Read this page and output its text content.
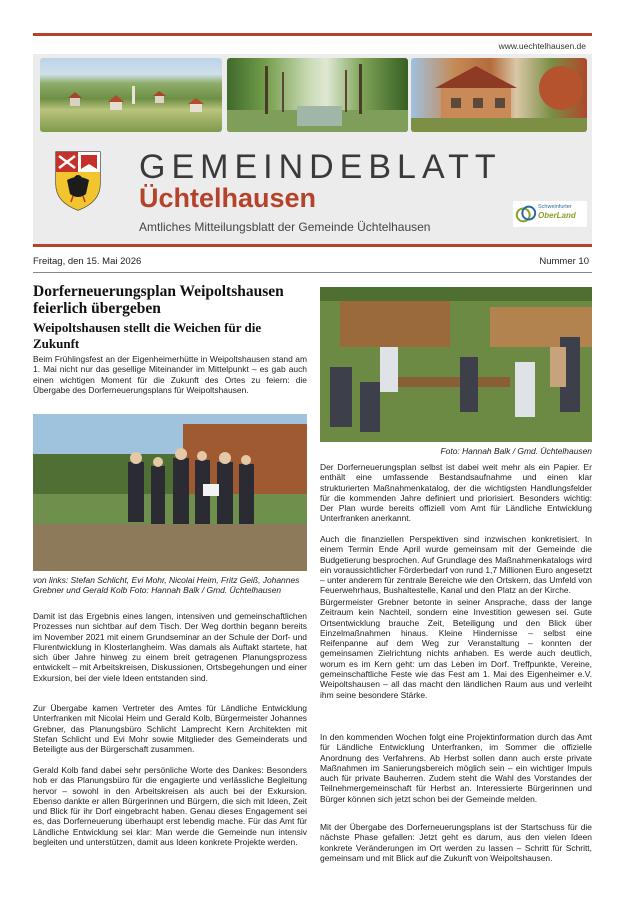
www.uechtelhausen.de
GEMEINDEBLATT
Üchtelhausen
Amtliches Mitteilungsblatt der Gemeinde Üchtelhausen
Schweinfurter
OberLand
Freitag, den 15. Mai 2026	Nummer 10
Dorferneuerungsplan Weipoltshausen feierlich übergeben
Weipoltshausen stellt die Weichen für die Zukunft

Beim Frühlingsfest an der Eigenheimerhütte in Weipoltshausen stand am 1. Mai nicht nur das gesellige Miteinander im Mittelpunkt – es gab auch einen wichtigen Moment für die Zukunft des Ortes zu feiern: die Übergabe des Dorferneuerungsplans für Weipoltshausen.

von links: Stefan Schlicht, Evi Mohr, Nicolai Heim, Fritz Geiß, Johannes Grebner und Gerald Kolb Foto: Hannah Balk / Gmd. Üchtelhausen

Damit ist das Ergebnis eines langen, intensiven und gemeinschaftlichen Prozesses nun sichtbar auf dem Tisch. Der Weg dorthin begann bereits im November 2021 mit einem Grundseminar an der Schule der Dorf- und Flurentwicklung in Klosterlangheim. Was damals als Auftakt startete, hat sich über Jahre hinweg zu einem breit getragenen Planungsprozess entwickelt – mit Arbeitskreisen, Diskussionen, Ortsbegehungen und einer Exkursion, bei der viele Ideen entstanden sind.

Zur Übergabe kamen Vertreter des Amtes für Ländliche Entwicklung Unterfranken mit Nicolai Heim und Gerald Kolb, Bürgermeister Johannes Grebner, das Planungsbüro Schlicht Lamprecht Kern Architekten mit Stefan Schlicht und Evi Mohr sowie Mitglieder des Gemeinderats und Beteiligte aus der Bürgerschaft zusammen.

Gerald Kolb fand dabei sehr persönliche Worte des Dankes: Besonders hob er das Planungsbüro für die engagierte und verlässliche Begleitung hervor – sowohl in den Arbeitskreisen als auch bei der Exkursion. Ebenso dankte er allen Bürgerinnen und Bürgern, die sich mit Ideen, Zeit und Blick für ihr Dorf eingebracht haben. Genau dieses Engagement sei es, das Dorferneuerung überhaupt erst lebendig mache. Für das Amt für Ländliche Entwicklung sei klar: Man werde die Gemeinde nun intensiv begleiten und unterstützen, damit aus Ideen konkrete Projekte werden.

Foto: Hannah Balk / Gmd. Üchtelhausen

Der Dorferneuerungsplan selbst ist dabei weit mehr als ein Papier. Er enthält eine umfassende Bestandsaufnahme und einen klar strukturierten Maßnahmenkatalog, der die wichtigsten Handlungsfelder für die kommenden Jahre definiert und priorisiert. Besonders wichtig: Der Plan wurde bereits offiziell vom Amt für Ländliche Entwicklung Unterfranken anerkannt.

Auch die finanziellen Perspektiven sind inzwischen konkretisiert. In einem Termin Ende April wurde gemeinsam mit der Gemeinde die Budgetierung besprochen. Auf Grundlage des Maßnahmenkatalogs wird ein voraussichtlicher Förderbedarf von rund 1,7 Millionen Euro angesetzt – unter anderem für zentrale Bereiche wie den Ortskern, das Umfeld von Feuerwehrhaus, Bushaltestelle, Kanal und den Platz an der Kirche.

Bürgermeister Grebner betonte in seiner Ansprache, dass der lange Zeitraum kein Nachteil, sondern eine Investition gewesen sei. Gute Ortsentwicklung brauche Zeit, Beteiligung und den Blick über Einzelmaßnahmen hinaus. Kleine Hindernisse – selbst eine Reifenpanne auf dem Weg zur Veranstaltung – konnten der gemeinsamen Zielrichtung nichts anhaben. Es werde auch deutlich, worum es im Kern geht: um das Leben im Dorf. Treffpunkte, Vereine, gemeinschaftliche Feste wie das Fest am 1. Mai des Eigenheimer e.V. Weipoltshausen – all das macht den ländlichen Raum aus und verleiht ihm seine besondere Stärke.

In den kommenden Wochen folgt eine Projektinformation durch das Amt für Ländliche Entwicklung Unterfranken, im Sommer die offizielle Anordnung des Verfahrens. Ab Herbst sollen dann auch erste private Maßnahmen im Sanierungsbereich möglich sein – ein wichtiger Impuls auch für private Bauherren. Zudem steht die Wahl des Vorstandes der Teilnehmergemeinschaft für Herbst an. Interessierte Bürgerinnen und Bürger können sich jetzt schon bei der Gemeinde melden.

Mit der Übergabe des Dorferneuerungsplans ist der Startschuss für die nächste Phase gefallen: Jetzt geht es darum, aus den vielen Ideen konkrete Veränderungen im Ort werden zu lassen – Schritt für Schritt, gemeinsam und mit Blick auf die Zukunft von Weipoltshausen.
